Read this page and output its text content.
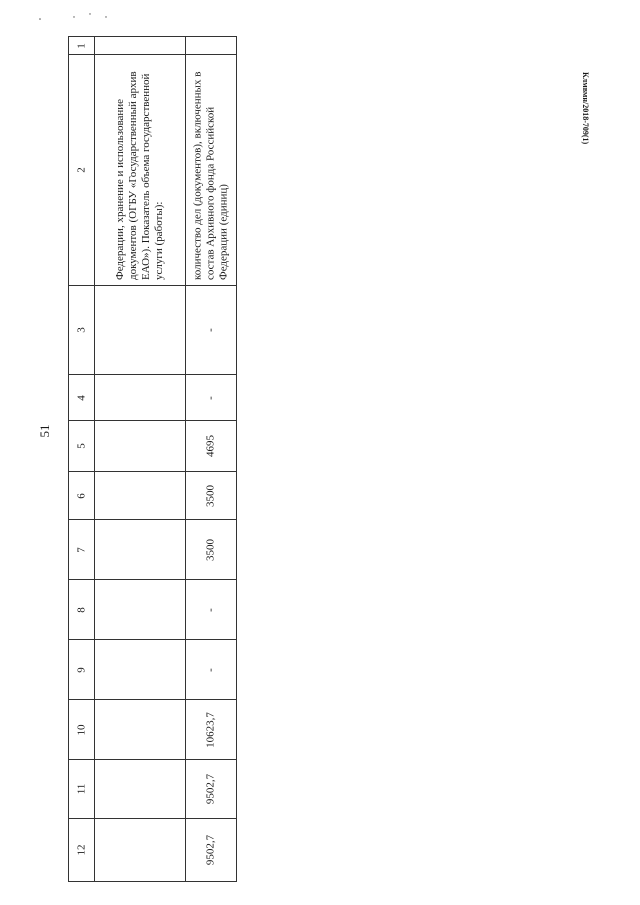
51
Клмвмн/2018-709(1)
1		

2	Федерации, хранение и использование документов (ОГБУ «Государственный архив ЕАО»). Показатель объема государственной услуги (работы):	количество дел (документов), включенных в состав Архивного фонда Российской Федерации (единиц)

3		-

4		-

5		4695

6		3500

7		3500

8		-

9		-

10		10623,7

11		9502,7

12		9502,7
